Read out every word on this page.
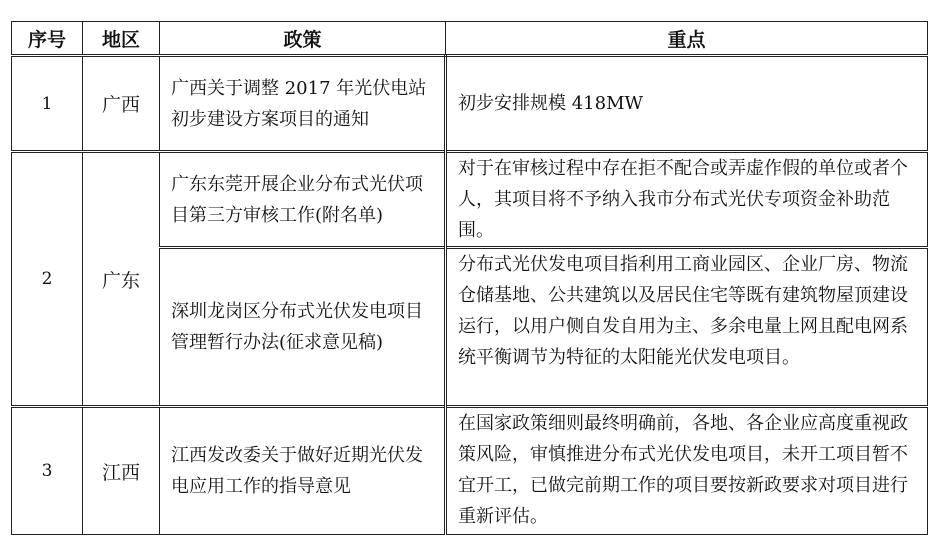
序号	地区	政策	重点
1	广西	广西关于调整 2017 年光伏电站初步建设方案项目的通知	初步安排规模 418MW
2	广东	广东东莞开展企业分布式光伏项目第三方审核工作(附名单)	对于在审核过程中存在拒不配合或弄虚作假的单位或者个人，其项目将不予纳入我市分布式光伏专项资金补助范围。
		深圳龙岗区分布式光伏发电项目管理暂行办法(征求意见稿)	分布式光伏发电项目指利用工商业园区、企业厂房、物流仓储基地、公共建筑以及居民住宅等既有建筑物屋顶建设运行，以用户侧自发自用为主、多余电量上网且配电网系统平衡调节为特征的太阳能光伏发电项目。
3	江西	江西发改委关于做好近期光伏发电应用工作的指导意见	在国家政策细则最终明确前，各地、各企业应高度重视政策风险，审慎推进分布式光伏发电项目，未开工项目暂不宜开工，已做完前期工作的项目要按新政要求对项目进行重新评估。
